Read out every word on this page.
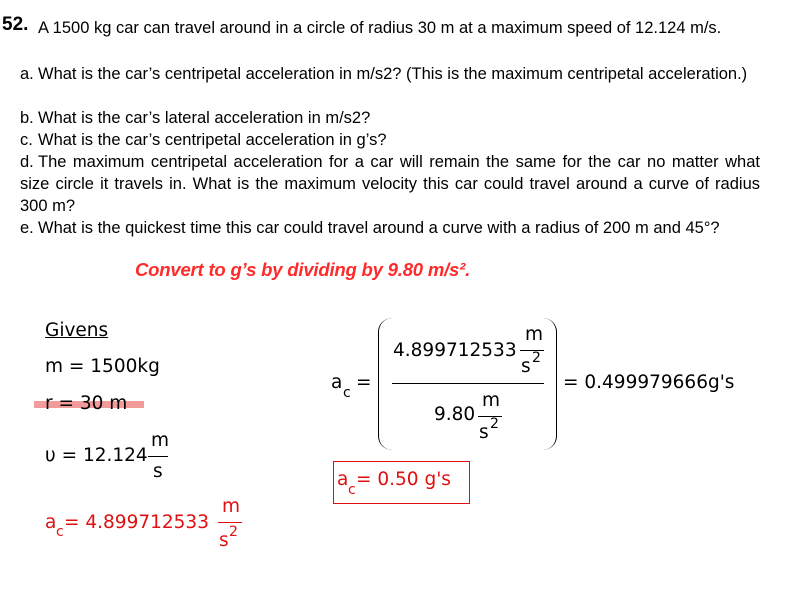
52. A 1500 kg car can travel around in a circle of radius 30 m at a maximum speed of 12.124 m/s.
a. What is the car’s centripetal acceleration in m/s2? (This is the maximum centripetal acceleration.)
b. What is the car’s lateral acceleration in m/s2?
c. What is the car’s centripetal acceleration in g’s?
d. The maximum centripetal acceleration for a car will remain the same for the car no matter what size circle it travels in. What is the maximum velocity this car could travel around a curve of radius 300 m?
e. What is the quickest time this car could travel around a curve with a radius of 200 m and 45°?
Convert to g’s by dividing by 9.80 m/s².
Givens
m = 1500kg
r = 30 m
υ = 12.124
m
s
a c = 4.899712533
m
s 2
a c =
4.899712533
m
s 2
9.80
m
s 2
= 0.499979666g's
a c = 0.50 g's
